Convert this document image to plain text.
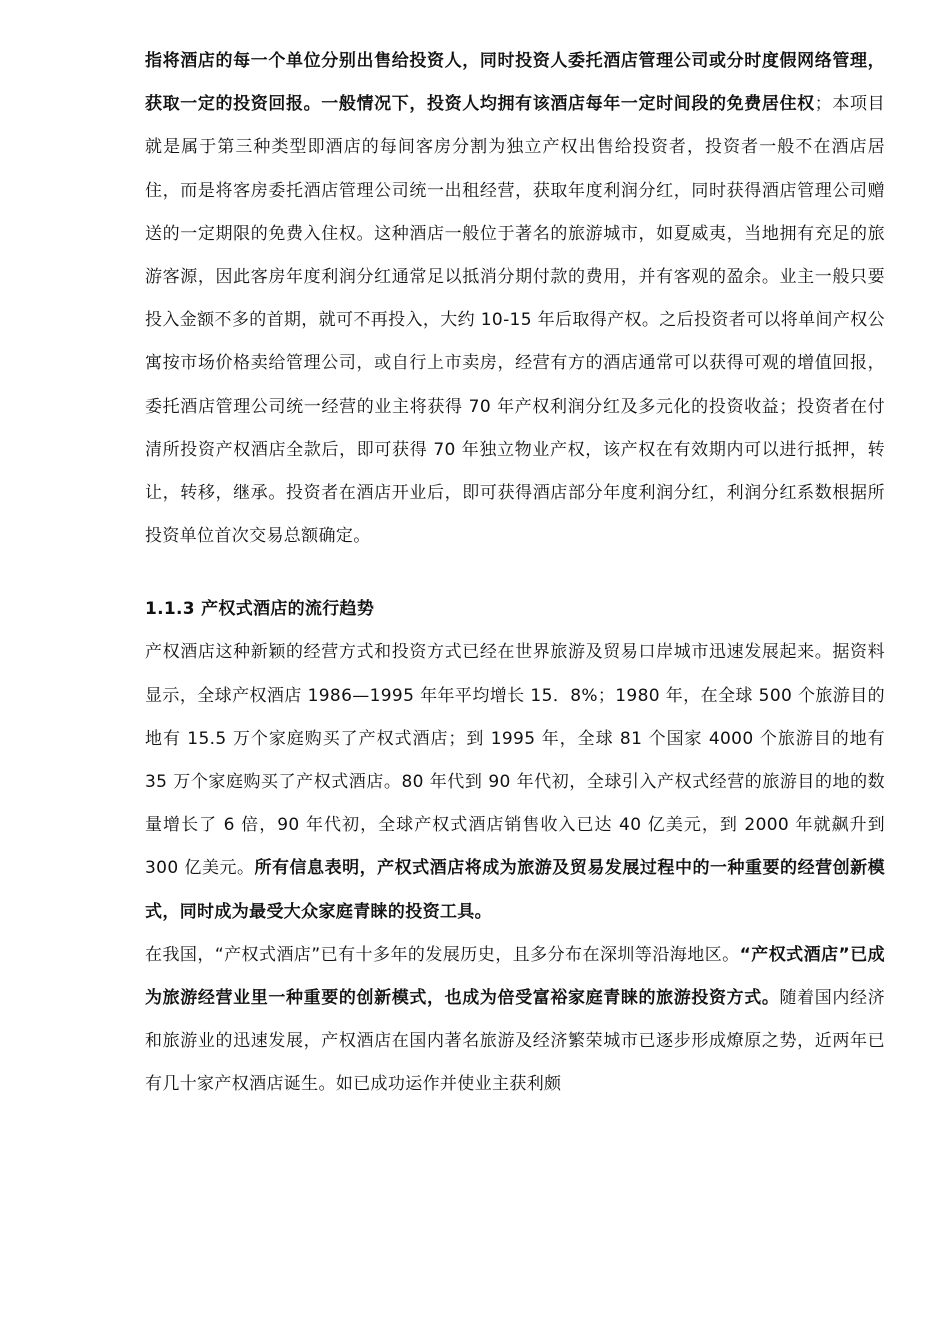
指将酒店的每一个单位分别出售给投资人，同时投资人委托酒店管理公司或分时度假网络管理，获取一定的投资回报。一般情况下，投资人均拥有该酒店每年一定时间段的免费居住权；本项目就是属于第三种类型即酒店的每间客房分割为独立产权出售给投资者，投资者一般不在酒店居住，而是将客房委托酒店管理公司统一出租经营，获取年度利润分红，同时获得酒店管理公司赠送的一定期限的免费入住权。这种酒店一般位于著名的旅游城市，如夏威夷，当地拥有充足的旅游客源，因此客房年度利润分红通常足以抵消分期付款的费用，并有客观的盈余。业主一般只要投入金额不多的首期，就可不再投入，大约 10-15 年后取得产权。之后投资者可以将单间产权公寓按市场价格卖给管理公司，或自行上市卖房，经营有方的酒店通常可以获得可观的增值回报，委托酒店管理公司统一经营的业主将获得 70 年产权利润分红及多元化的投资收益；投资者在付清所投资产权酒店全款后，即可获得 70 年独立物业产权，该产权在有效期内可以进行抵押，转让，转移，继承。投资者在酒店开业后，即可获得酒店部分年度利润分红，利润分红系数根据所投资单位首次交易总额确定。

1.1.3 产权式酒店的流行趋势

产权酒店这种新颖的经营方式和投资方式已经在世界旅游及贸易口岸城市迅速发展起来。据资料显示，全球产权酒店 1986—1995 年年平均增长 15．8%；1980 年，在全球 500 个旅游目的地有 15.5 万个家庭购买了产权式酒店；到 1995 年，全球 81 个国家 4000 个旅游目的地有 35 万个家庭购买了产权式酒店。80 年代到 90 年代初，全球引入产权式经营的旅游目的地的数量增长了 6 倍，90 年代初，全球产权式酒店销售收入已达 40 亿美元，到 2000 年就飙升到 300 亿美元。所有信息表明，产权式酒店将成为旅游及贸易发展过程中的一种重要的经营创新模式，同时成为最受大众家庭青睐的投资工具。

在我国，“产权式酒店”已有十多年的发展历史，且多分布在深圳等沿海地区。“产权式酒店”已成为旅游经营业里一种重要的创新模式，也成为倍受富裕家庭青睐的旅游投资方式。随着国内经济和旅游业的迅速发展，产权酒店在国内著名旅游及经济繁荣城市已逐步形成燎原之势，近两年已有几十家产权酒店诞生。如已成功运作并使业主获利颇
